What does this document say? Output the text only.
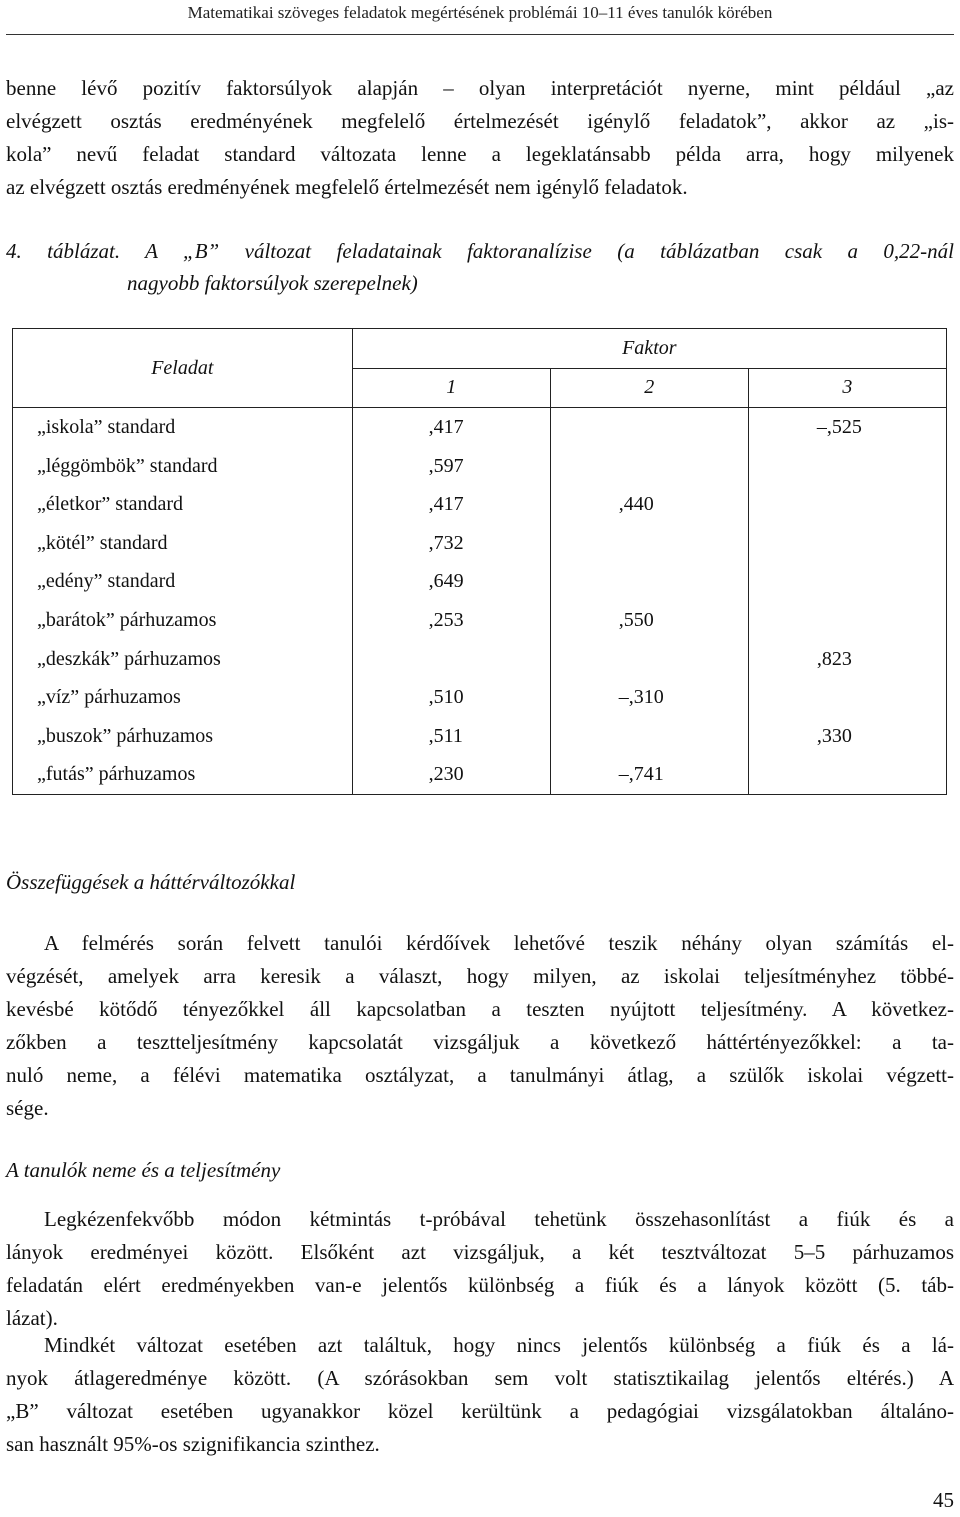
Matematikai szöveges feladatok megértésének problémái 10–11 éves tanulók körében
benne lévő pozitív faktorsúlyok alapján – olyan interpretációt nyerne, mint például „az
elvégzett osztás eredményének megfelelő értelmezését igénylő feladatok”, akkor az „is-
kola” nevű feladat standard változata lenne a legeklatánsabb példa arra, hogy milyenek
az elvégzett osztás eredményének megfelelő értelmezését nem igénylő feladatok.
4. táblázat. A „B” változat feladatainak faktoranalízise (a táblázatban csak a 0,22-nál
nagyobb faktorsúlyok szerepelnek)
Feladat	Faktor		
	1	2	3
„iskola” standard	,417		–,525
„léggömbök” standard	,597		
„életkor” standard	,417	,440	
„kötél” standard	,732		
„edény” standard	,649		
„barátok” párhuzamos	,253	,550	
„deszkák” párhuzamos			,823
„víz” párhuzamos	,510	–,310	
„buszok” párhuzamos	,511		,330
„futás” párhuzamos	,230	–,741	
Összefüggések a háttérváltozókkal
A felmérés során felvett tanulói kérdőívek lehetővé teszik néhány olyan számítás el-
végzését, amelyek arra keresik a választ, hogy milyen, az iskolai teljesítményhez többé-
kevésbé kötődő tényezőkkel áll kapcsolatban a teszten nyújtott teljesítmény. A következ-
zőkben a tesztteljesítmény kapcsolatát vizsgáljuk a következő háttértényezőkkel: a ta-
nuló neme, a félévi matematika osztályzat, a tanulmányi átlag, a szülők iskolai végzett-
sége.
A tanulók neme és a teljesítmény
Legkézenfekvőbb módon kétmintás t-próbával tehetünk összehasonlítást a fiúk és a
lányok eredményei között. Elsőként azt vizsgáljuk, a két tesztváltozat 5–5 párhuzamos
feladatán elért eredményekben van-e jelentős különbség a fiúk és a lányok között (5. táb-
lázat).
Mindkét változat esetében azt találtuk, hogy nincs jelentős különbség a fiúk és a lá-
nyok átlageredménye között. (A szórásokban sem volt statisztikailag jelentős eltérés.) A
„B” változat esetében ugyanakkor közel kerültünk a pedagógiai vizsgálatokban általáno-
san használt 95%-os szignifikancia szinthez.
45
